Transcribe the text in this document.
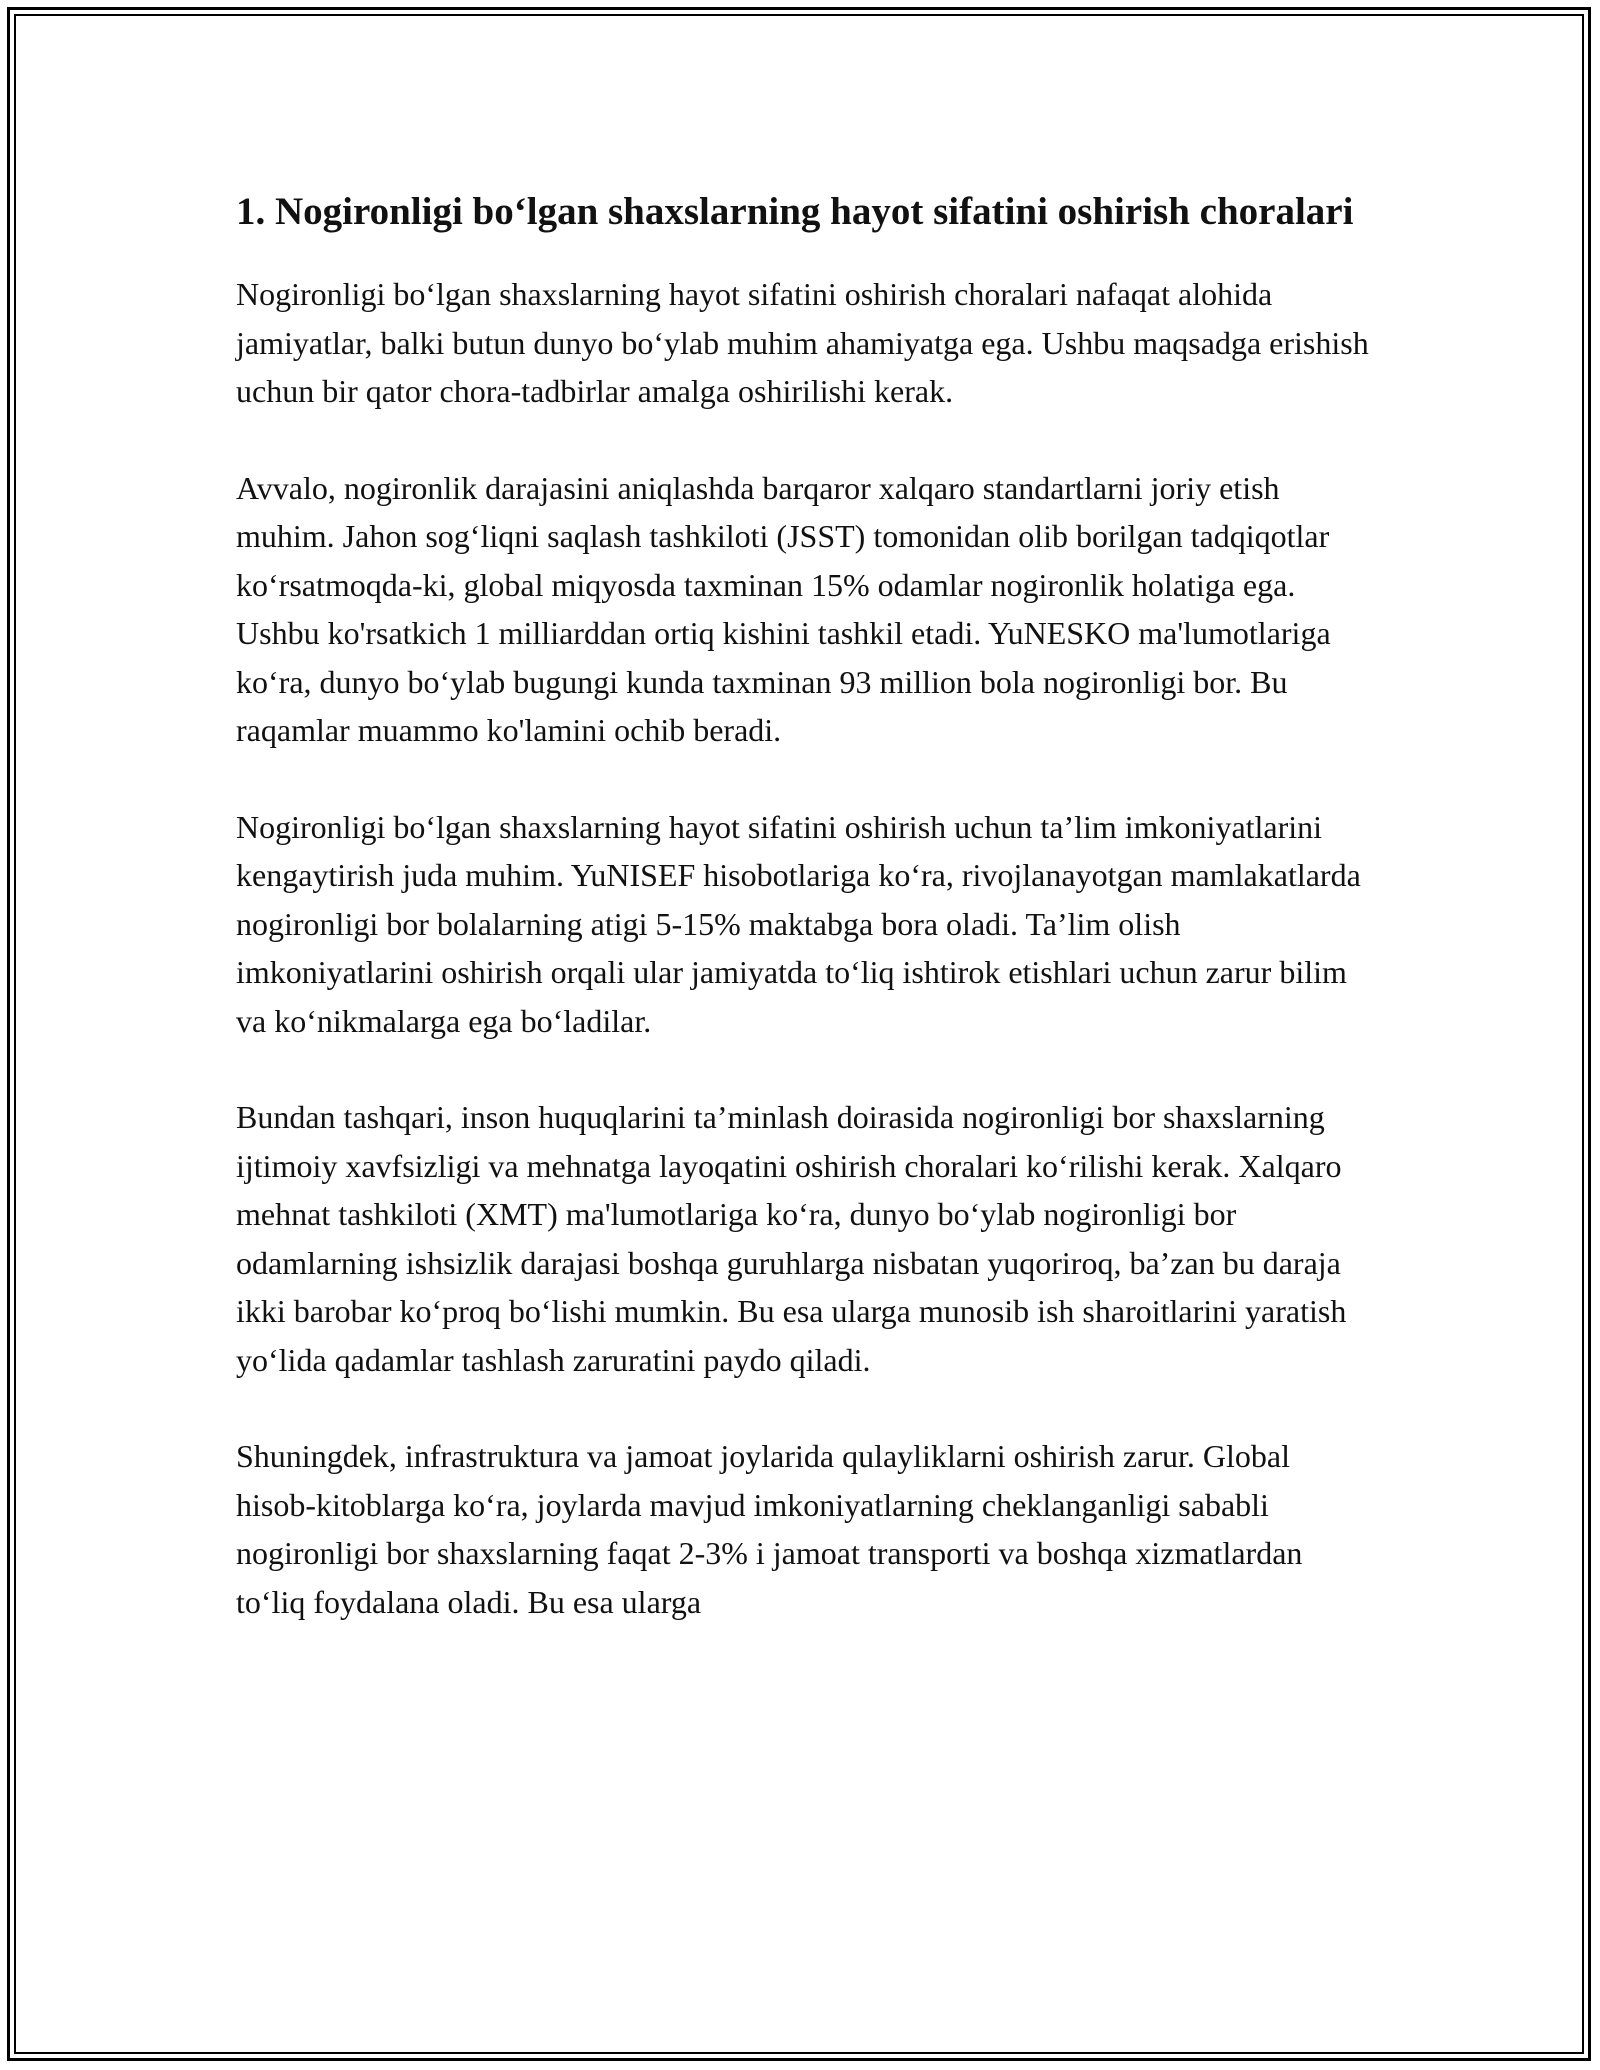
1. Nogironligi bo‘lgan shaxslarning hayot sifatini oshirish choralari

Nogironligi bo‘lgan shaxslarning hayot sifatini oshirish choralari nafaqat alohida jamiyatlar, balki butun dunyo bo‘ylab muhim ahamiyatga ega. Ushbu maqsadga erishish uchun bir qator chora-tadbirlar amalga oshirilishi kerak.

Avvalo, nogironlik darajasini aniqlashda barqaror xalqaro standartlarni joriy etish muhim. Jahon sog‘liqni saqlash tashkiloti (JSST) tomonidan olib borilgan tadqiqotlar ko‘rsatmoqda-ki, global miqyosda taxminan 15% odamlar nogironlik holatiga ega. Ushbu ko'rsatkich 1 milliarddan ortiq kishini tashkil etadi. YuNESKO ma'lumotlariga ko‘ra, dunyo bo‘ylab bugungi kunda taxminan 93 million bola nogironligi bor. Bu raqamlar muammo ko'lamini ochib beradi.

Nogironligi bo‘lgan shaxslarning hayot sifatini oshirish uchun ta’lim imkoniyatlarini kengaytirish juda muhim. YuNISEF hisobotlariga ko‘ra, rivojlanayotgan mamlakatlarda nogironligi bor bolalarning atigi 5-15% maktabga bora oladi. Ta’lim olish imkoniyatlarini oshirish orqali ular jamiyatda to‘liq ishtirok etishlari uchun zarur bilim va ko‘nikmalarga ega bo‘ladilar.

Bundan tashqari, inson huquqlarini ta’minlash doirasida nogironligi bor shaxslarning ijtimoiy xavfsizligi va mehnatga layoqatini oshirish choralari ko‘rilishi kerak. Xalqaro mehnat tashkiloti (XMT) ma'lumotlariga ko‘ra, dunyo bo‘ylab nogironligi bor odamlarning ishsizlik darajasi boshqa guruhlarga nisbatan yuqoriroq, ba’zan bu daraja ikki barobar ko‘proq bo‘lishi mumkin. Bu esa ularga munosib ish sharoitlarini yaratish yo‘lida qadamlar tashlash zaruratini paydo qiladi.

Shuningdek, infrastruktura va jamoat joylarida qulayliklarni oshirish zarur. Global hisob-kitoblarga ko‘ra, joylarda mavjud imkoniyatlarning cheklanganligi sababli nogironligi bor shaxslarning faqat 2-3% i jamoat transporti va boshqa xizmatlardan to‘liq foydalana oladi. Bu esa ularga
